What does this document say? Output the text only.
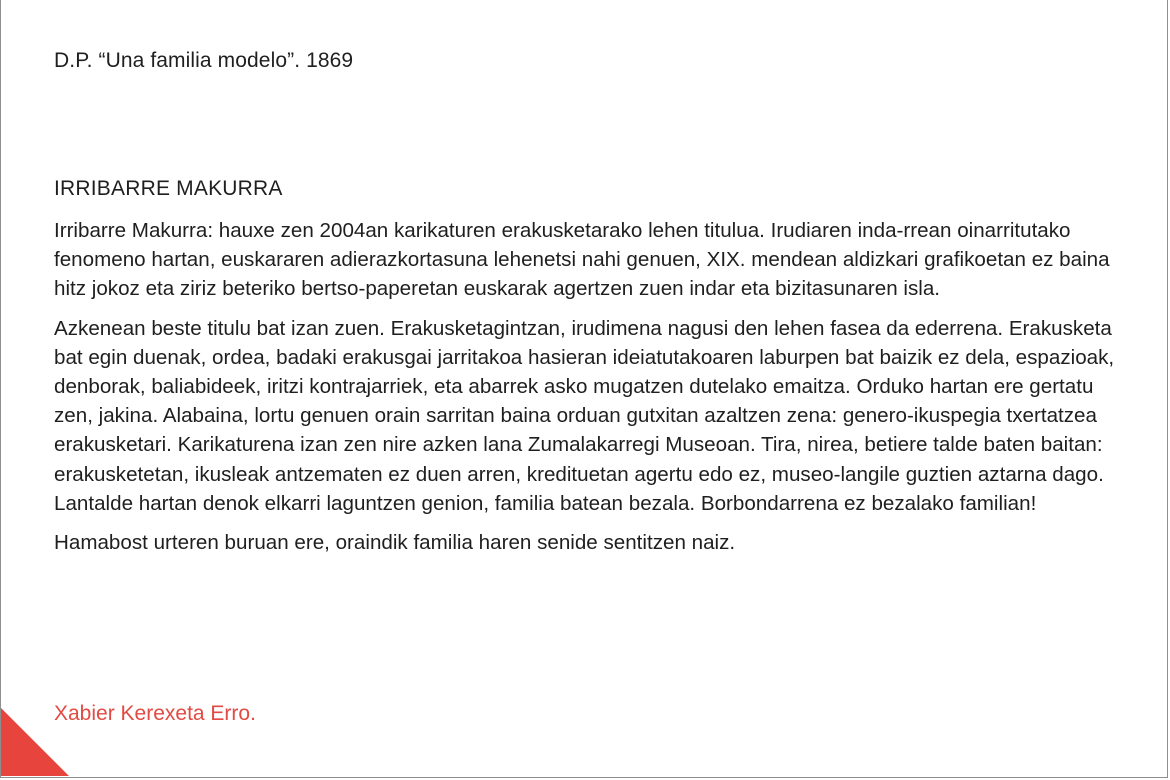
D.P. “Una familia modelo”. 1869
IRRIBARRE MAKURRA

Irribarre Makurra: hauxe zen 2004an karikaturen erakusketarako lehen titulua. Irudiaren inda-rrean oinarritutako fenomeno hartan, euskararen adierazkortasuna lehenetsi nahi genuen, XIX. mendean aldizkari grafikoetan ez baina hitz jokoz eta ziriz beteriko bertso-paperetan euskarak agertzen zuen indar eta bizitasunaren isla.

Azkenean beste titulu bat izan zuen. Erakusketagintzan, irudimena nagusi den lehen fasea da ederrena. Erakusketa bat egin duenak, ordea, badaki erakusgai jarritakoa hasieran ideiatutakoaren laburpen bat baizik ez dela, espazioak, denborak, baliabideek, iritzi kontrajarriek, eta abarrek asko mugatzen dutelako emaitza. Orduko hartan ere gertatu zen, jakina. Alabaina, lortu genuen orain sarritan baina orduan gutxitan azaltzen zena: genero-ikuspegia txertatzea erakusketari. Karikaturena izan zen nire azken lana Zumalakarregi Museoan. Tira, nirea, betiere talde baten baitan: erakusketetan, ikusleak antzematen ez duen arren, kredituetan agertu edo ez, museo-langile guztien aztarna dago. Lantalde hartan denok elkarri laguntzen genion, familia batean bezala. Borbondarrena ez bezalako familian!

Hamabost urteren buruan ere, oraindik familia haren senide sentitzen naiz.

Xabier Kerexeta Erro.
